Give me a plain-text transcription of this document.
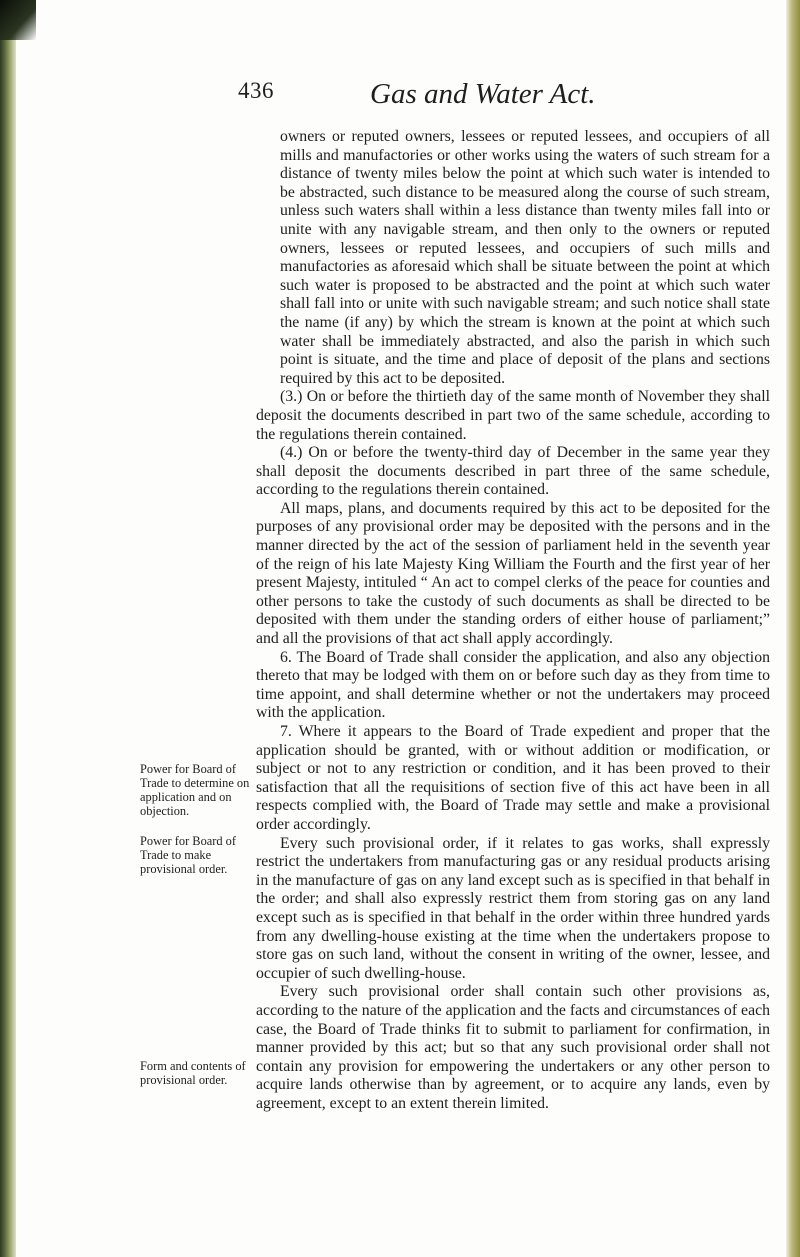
436	Gas and Water Act.

owners or reputed owners, lessees or reputed lessees, and occupiers of all mills and manufactories or other works using the waters of such stream for a distance of twenty miles below the point at which such water is intended to be abstracted, such distance to be measured along the course of such stream, unless such waters shall within a less distance than twenty miles fall into or unite with any navigable stream, and then only to the owners or reputed owners, lessees or reputed lessees, and occupiers of such mills and manufactories as aforesaid which shall be situate between the point at which such water is proposed to be abstracted and the point at which such water shall fall into or unite with such navigable stream; and such notice shall state the name (if any) by which the stream is known at the point at which such water shall be immediately abstracted, and also the parish in which such point is situate, and the time and place of deposit of the plans and sections required by this act to be deposited.

(3.) On or before the thirtieth day of the same month of November they shall deposit the documents described in part two of the same schedule, according to the regulations therein contained.

(4.) On or before the twenty-third day of December in the same year they shall deposit the documents described in part three of the same schedule, according to the regulations therein contained.

All maps, plans, and documents required by this act to be deposited for the purposes of any provisional order may be deposited with the persons and in the manner directed by the act of the session of parliament held in the seventh year of the reign of his late Majesty King William the Fourth and the first year of her present Majesty, intituled “ An act to compel clerks of the peace for counties and other persons to take the custody of such documents as shall be directed to be deposited with them under the standing orders of either house of parliament;” and all the provisions of that act shall apply accordingly.

6. The Board of Trade shall consider the application, and also any objection thereto that may be lodged with them on or before such day as they from time to time appoint, and shall determine whether or not the undertakers may proceed with the application.

7. Where it appears to the Board of Trade expedient and proper that the application should be granted, with or without addition or modification, or subject or not to any restriction or condition, and it has been proved to their satisfaction that all the requisitions of section five of this act have been in all respects complied with, the Board of Trade may settle and make a provisional order accordingly.

Every such provisional order, if it relates to gas works, shall expressly restrict the undertakers from manufacturing gas or any residual products arising in the manufacture of gas on any land except such as is specified in that behalf in the order; and shall also expressly restrict them from storing gas on any land except such as is specified in that behalf in the order within three hundred yards from any dwelling-house existing at the time when the undertakers propose to store gas on such land, without the consent in writing of the owner, lessee, and occupier of such dwelling-house.

Every such provisional order shall contain such other provisions as, according to the nature of the application and the facts and circumstances of each case, the Board of Trade thinks fit to submit to parliament for confirmation, in manner provided by this act; but so that any such provisional order shall not contain any provision for empowering the undertakers or any other person to acquire lands otherwise than by agreement, or to acquire any lands, even by agreement, except to an extent therein limited.

Power for Board of Trade to determine on application and on objection.
Power for Board of Trade to make provisional order.
Form and contents of provisional order.
